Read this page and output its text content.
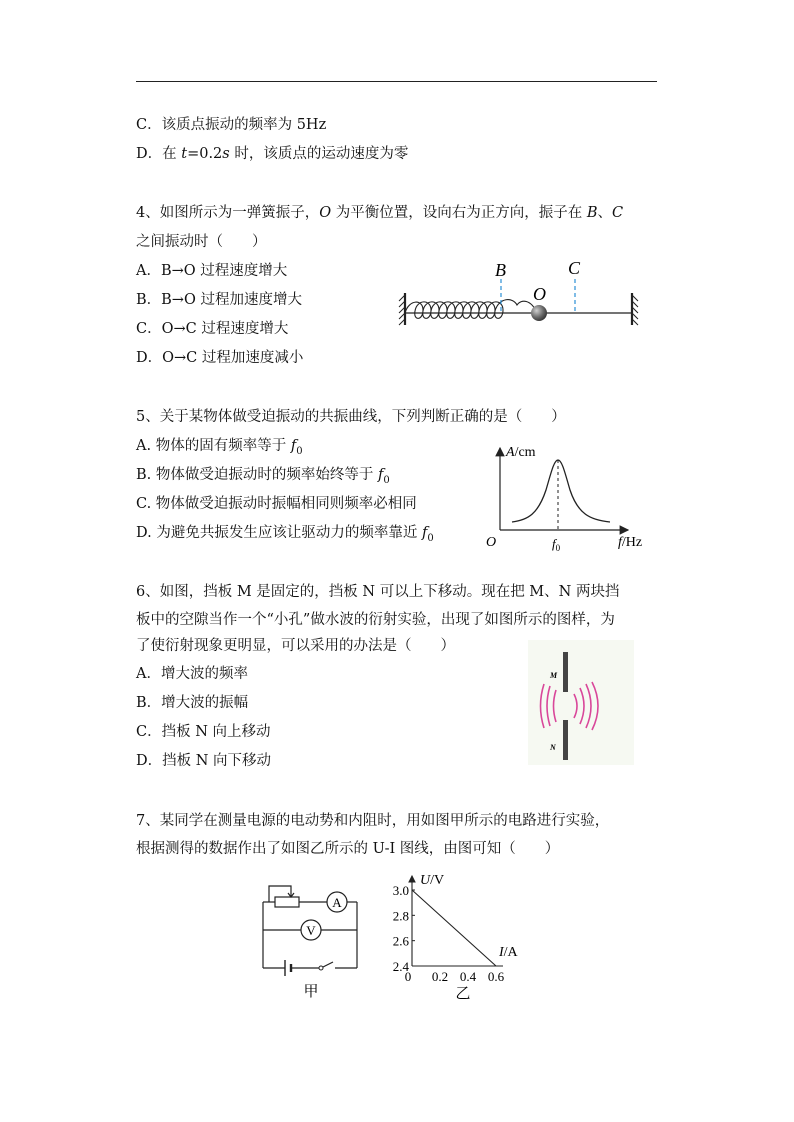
C．该质点振动的频率为 5Hz
D．在 t=0.2s 时，该质点的运动速度为零
4、如图所示为一弹簧振子，O 为平衡位置，设向右为正方向，振子在 B、C
之间振动时（　　）
A．B→O 过程速度增大
B．B→O 过程加速度增大
C．O→C 过程速度增大
D．O→C 过程加速度减小
B	C
O
5、关于某物体做受迫振动的共振曲线，下列判断正确的是（　　）
A. 物体的固有频率等于 $f_0$
B. 物体做受迫振动时的频率始终等于 $f_0$
C. 物体做受迫振动时振幅相同则频率必相同
D. 为避免共振发生应该让驱动力的频率靠近 $f_0$
A/cm
O	$f_0$	f/Hz
6、如图，挡板 M 是固定的，挡板 N 可以上下移动。现在把 M、N 两块挡
板中的空隙当作一个“小孔”做水波的衍射实验，出现了如图所示的图样，为
了使衍射现象更明显，可以采用的办法是（　　）
A．增大波的频率
B．增大波的振幅
C．挡板 N 向上移动
D．挡板 N 向下移动
M
N
7、某同学在测量电源的电动势和内阻时，用如图甲所示的电路进行实验，
根据测得的数据作出了如图乙所示的 U-I 图线，由图可知（　　）
A
V
甲
U/V
I/A
2.4
2.6
2.8
3.0
0 0.2 0.4 0.6
乙
